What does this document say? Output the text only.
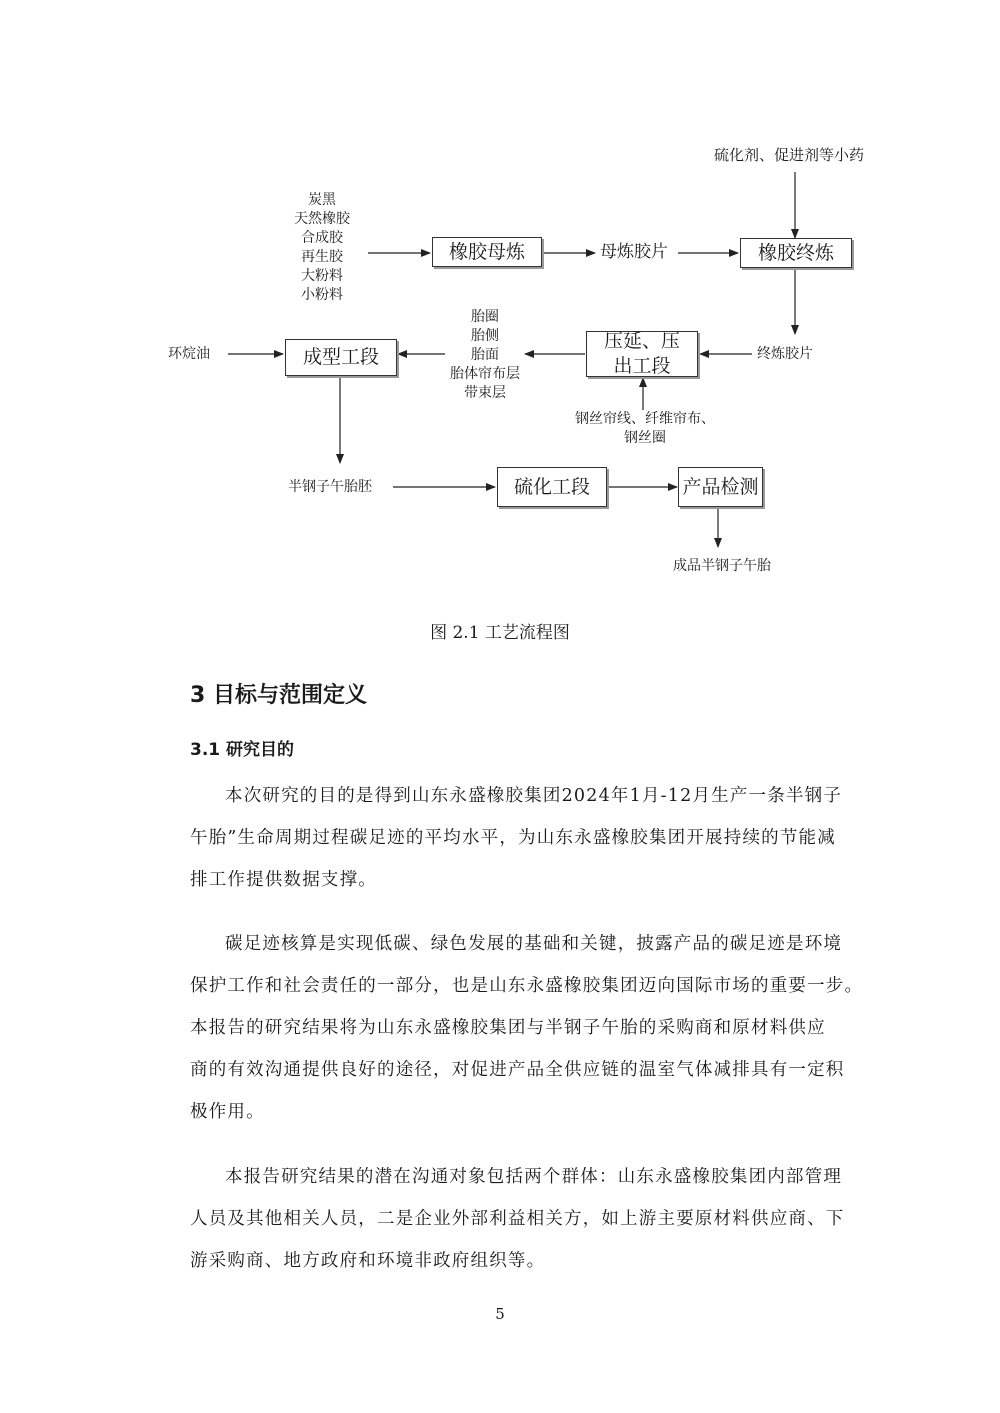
硫化剂、促进剂等小药
炭黑
天然橡胶
合成胶
再生胶
大粉料
小粉料
橡胶母炼	母炼胶片	橡胶终炼
终炼胶片
压延、压出工段
胎圈
胎侧
胎面
胎体帘布层
带束层
钢丝帘线、纤维帘布、
钢丝圈
成型工段
环烷油
半钢子午胎胚	硫化工段	产品检测
成品半钢子午胎
图 2.1 工艺流程图
3 目标与范围定义
3.1 研究目的
本次研究的目的是得到山东永盛橡胶集团2024年1月-12月生产一条半钢子
午胎”生命周期过程碳足迹的平均水平，为山东永盛橡胶集团开展持续的节能减
排工作提供数据支撑。
碳足迹核算是实现低碳、绿色发展的基础和关键，披露产品的碳足迹是环境
保护工作和社会责任的一部分，也是山东永盛橡胶集团迈向国际市场的重要一步。
本报告的研究结果将为山东永盛橡胶集团与半钢子午胎的采购商和原材料供应
商的有效沟通提供良好的途径，对促进产品全供应链的温室气体减排具有一定积
极作用。
本报告研究结果的潜在沟通对象包括两个群体：山东永盛橡胶集团内部管理
人员及其他相关人员，二是企业外部利益相关方，如上游主要原材料供应商、下
游采购商、地方政府和环境非政府组织等。
5
